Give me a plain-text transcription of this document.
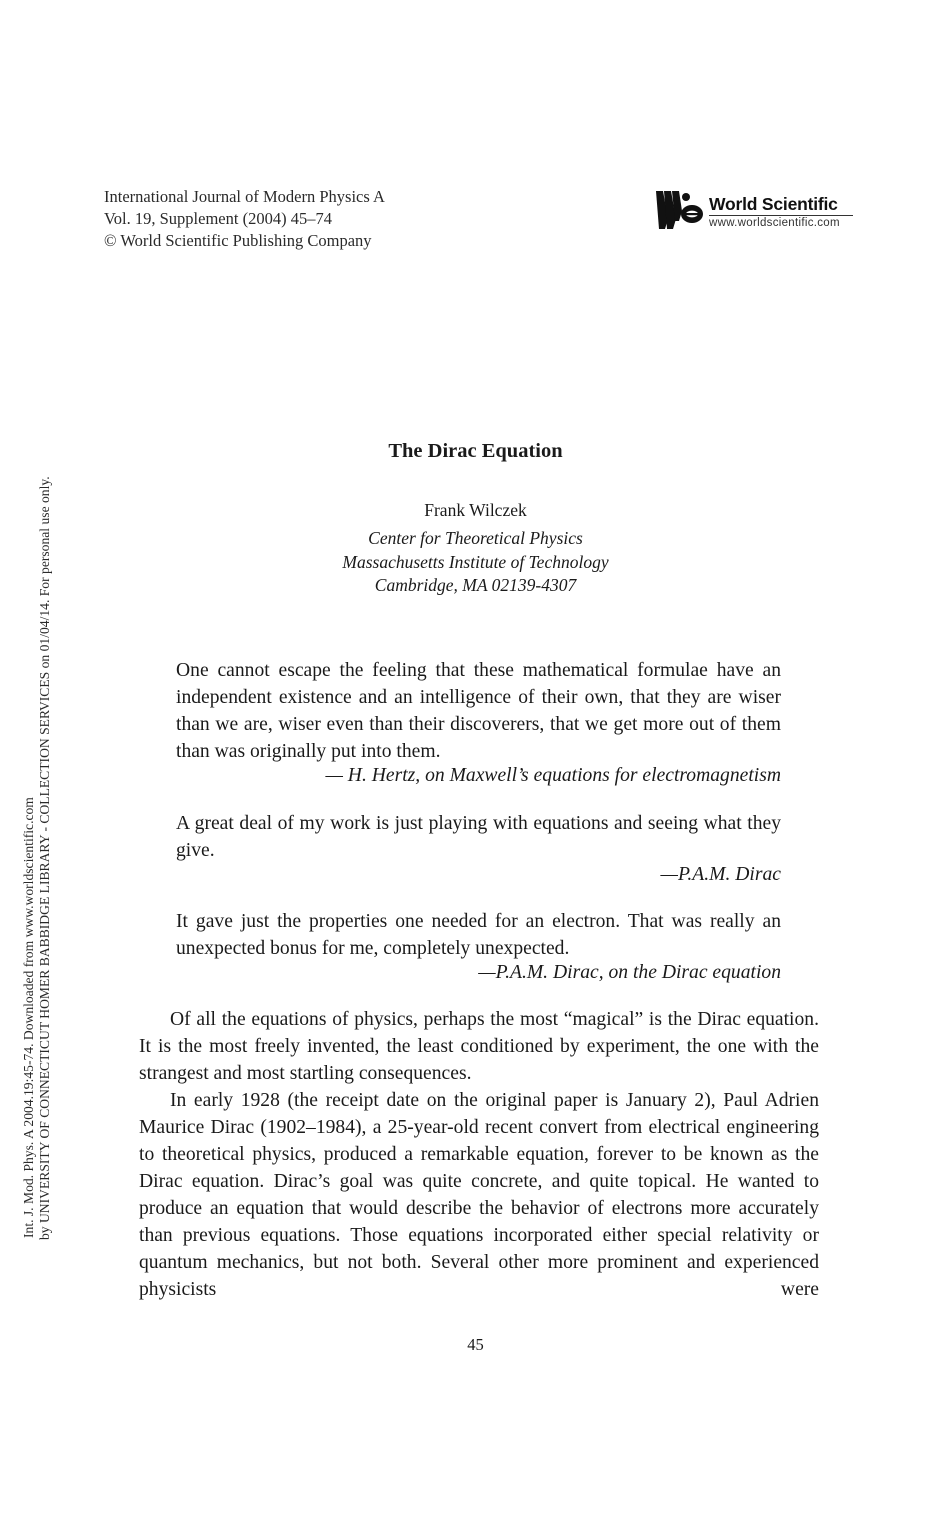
International Journal of Modern Physics A
Vol. 19, Supplement (2004) 45–74
© World Scientific Publishing Company
World Scientific
www.worldscientific.com
Int. J. Mod. Phys. A 2004.19:45-74. Downloaded from www.worldscientific.com by UNIVERSITY OF CONNECTICUT HOMER BABBIDGE LIBRARY - COLLECTION SERVICES on 01/04/14. For personal use only.
The Dirac Equation
Frank Wilczek
Center for Theoretical Physics
Massachusetts Institute of Technology
Cambridge, MA 02139-4307
One cannot escape the feeling that these mathematical formulae have an independent existence and an intelligence of their own, that they are wiser than we are, wiser even than their discoverers, that we get more out of them than was originally put into them.
— H. Hertz, on Maxwell’s equations for electromagnetism
A great deal of my work is just playing with equations and seeing what they give.
—P.A.M. Dirac
It gave just the properties one needed for an electron. That was really an unexpected bonus for me, completely unexpected.
—P.A.M. Dirac, on the Dirac equation
Of all the equations of physics, perhaps the most “magical” is the Dirac equation. It is the most freely invented, the least conditioned by experiment, the one with the strangest and most startling consequences.
In early 1928 (the receipt date on the original paper is January 2), Paul Adrien Maurice Dirac (1902–1984), a 25-year-old recent convert from electrical engineering to theoretical physics, produced a remarkable equation, forever to be known as the Dirac equation. Dirac’s goal was quite concrete, and quite topical. He wanted to produce an equation that would describe the behavior of electrons more accurately than previous equations. Those equations incorporated either special relativity or quantum mechanics, but not both. Several other more prominent and experienced physicists were
45
